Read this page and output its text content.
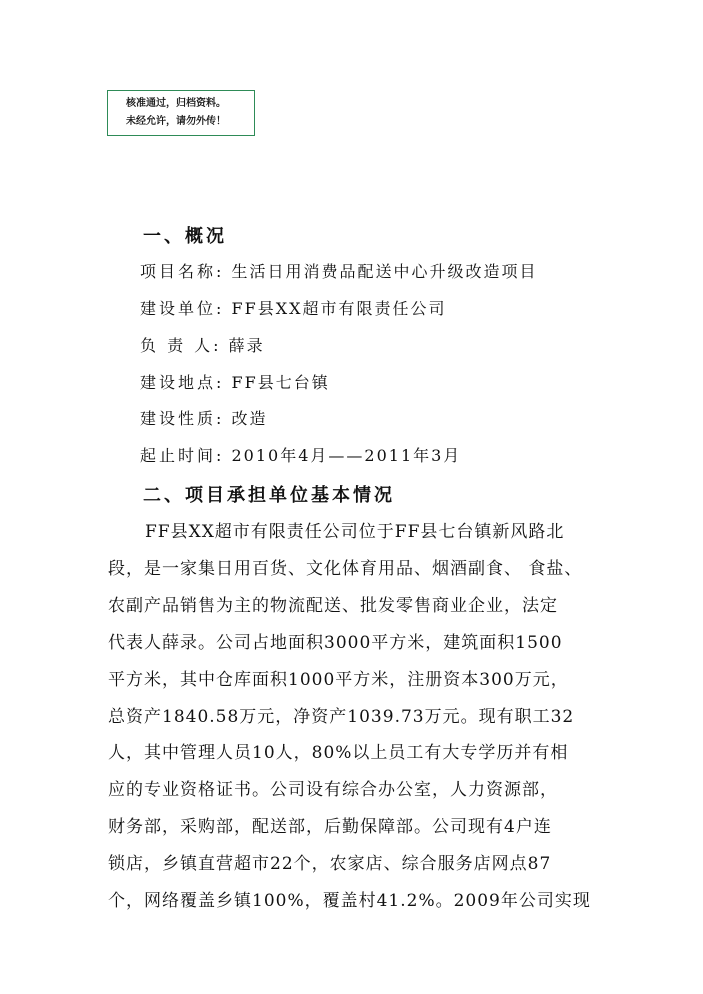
核准通过，归档资料。
未经允许，请勿外传！
一、概况
项目名称: 生活日用消费品配送中心升级改造项目
建设单位: FF县XX超市有限责任公司
负 责 人: 薛录
建设地点: FF县七台镇
建设性质: 改造
起止时间: 2010年4月——2011年3月
二、项目承担单位基本情况
FF县XX超市有限责任公司位于FF县七台镇新风路北
段，是一家集日用百货、文化体育用品、烟酒副食、 食盐、
农副产品销售为主的物流配送、批发零售商业企业，法定
代表人薛录。公司占地面积3000平方米，建筑面积1500
平方米，其中仓库面积1000平方米，注册资本300万元，
总资产1840.58万元，净资产1039.73万元。现有职工32
人，其中管理人员10人，80%以上员工有大专学历并有相
应的专业资格证书。公司设有综合办公室，人力资源部，
财务部，采购部，配送部，后勤保障部。公司现有4户连
锁店，乡镇直营超市22个，农家店、综合服务店网点87
个，网络覆盖乡镇100%，覆盖村41.2%。2009年公司实现
